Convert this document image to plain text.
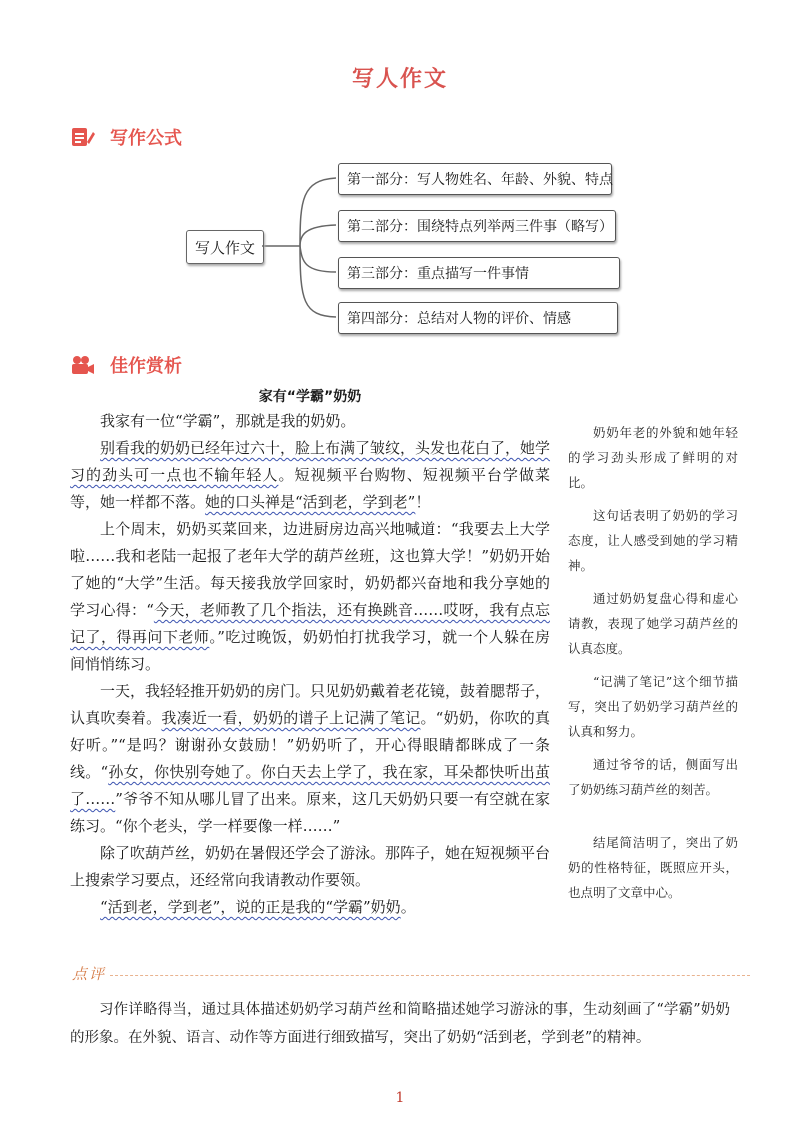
写人作文
写作公式
写人作文
第一部分：写人物姓名、年龄、外貌、特点
第二部分：围绕特点列举两三件事（略写）
第三部分：重点描写一件事情
第四部分：总结对人物的评价、情感
佳作赏析
家有“学霸”奶奶

我家有一位“学霸”，那就是我的奶奶。

别看我的奶奶已经年过六十，脸上布满了皱纹，头发也花白了，她学习的劲头可一点也不输年轻人。短视频平台购物、短视频平台学做菜等，她一样都不落。她的口头禅是“活到老，学到老”！

上个周末，奶奶买菜回来，边进厨房边高兴地喊道：“我要去上大学啦……我和老陆一起报了老年大学的葫芦丝班，这也算大学！”奶奶开始了她的“大学”生活。每天接我放学回家时，奶奶都兴奋地和我分享她的学习心得：“今天，老师教了几个指法，还有换跳音……哎呀，我有点忘记了，得再问下老师。”吃过晚饭，奶奶怕打扰我学习，就一个人躲在房间悄悄练习。

一天，我轻轻推开奶奶的房门。只见奶奶戴着老花镜，鼓着腮帮子，认真吹奏着。我凑近一看，奶奶的谱子上记满了笔记。“奶奶，你吹的真好听。”“是吗？谢谢孙女鼓励！”奶奶听了，开心得眼睛都眯成了一条线。“孙女，你快别夸她了。你白天去上学了，我在家，耳朵都快听出茧了……”爷爷不知从哪儿冒了出来。原来，这几天奶奶只要一有空就在家练习。“你个老头，学一样要像一样……”

除了吹葫芦丝，奶奶在暑假还学会了游泳。那阵子，她在短视频平台上搜索学习要点，还经常向我请教动作要领。

“活到老，学到老”，说的正是我的“学霸”奶奶。

奶奶年老的外貌和她年轻的学习劲头形成了鲜明的对比。

这句话表明了奶奶的学习态度，让人感受到她的学习精神。

通过奶奶复盘心得和虚心请教，表现了她学习葫芦丝的认真态度。

“记满了笔记”这个细节描写，突出了奶奶学习葫芦丝的认真和努力。

通过爷爷的话，侧面写出了奶奶练习葫芦丝的刻苦。

结尾简洁明了，突出了奶奶的性格特征，既照应开头，也点明了文章中心。

点评
习作详略得当，通过具体描述奶奶学习葫芦丝和简略描述她学习游泳的事，生动刻画了“学霸”奶奶的形象。在外貌、语言、动作等方面进行细致描写，突出了奶奶“活到老，学到老”的精神。
1
